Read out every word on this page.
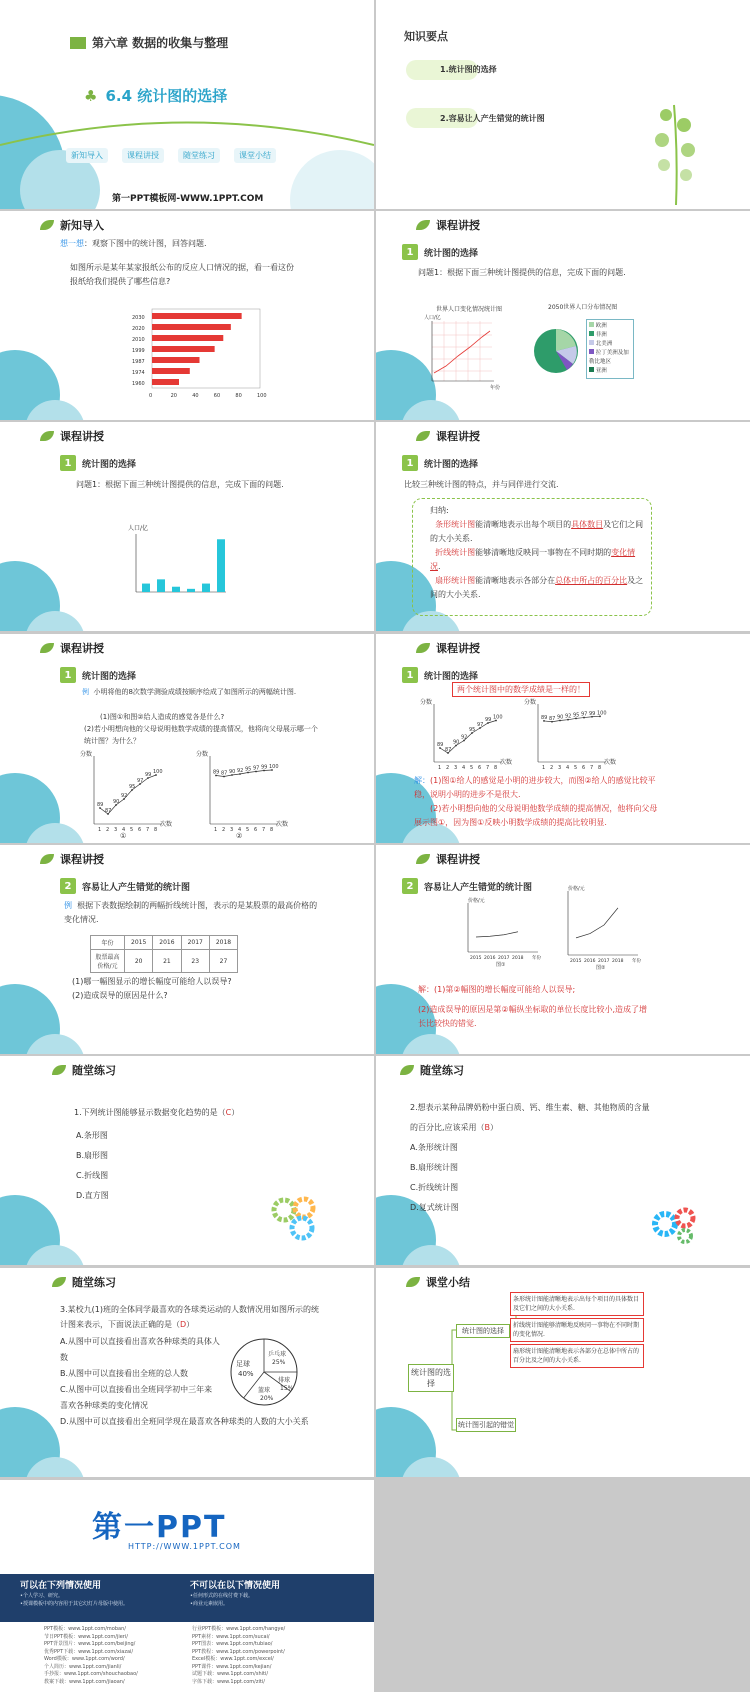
第六章 数据的收集与整理
♣ 6.4 统计图的选择
新知导入	课程讲授	随堂练习	课堂小结
第一PPT模板网-WWW.1PPT.COM
知识要点
1.统计图的选择
2.容易让人产生错觉的统计图
新知导入
想一想：观察下图中的统计图，回答问题.
如图所示是某年某家报纸公布的反应人口情况的据，看一看这份报纸给我们提供了哪些信息?
2030
2020
2010
1999
1987
1974
1960
0	20	40	60	80	100
课程讲授
1	统计图的选择
问题1：根据下面三种统计图提供的信息，完成下面的问题.
世界人口变化情况统计图
人口/亿
年份
2050世界人口分布情况图
欧洲
非洲
北美洲
拉丁美洲及加勒比地区
亚洲
课程讲授
1	统计图的选择
问题1：根据下面三种统计图提供的信息，完成下面的问题.
人口/亿
课程讲授
1	统计图的选择
比较三种统计图的特点，并与同伴进行交流.
归纳:
条形统计图能清晰地表示出每个项目的具体数目及它们之间的大小关系.
折线统计图能够清晰地反映同一事物在不同时期的变化情况.
扇形统计图能清晰地表示各部分在总体中所占的百分比及之间的大小关系.
课程讲授
1	统计图的选择
例 小明将他的8次数学测验成绩按顺序绘成了如图所示的两幅统计图.
(1)图①和图②给人造成的感觉各是什么?
(2)若小明想向他的父母说明他数学成绩的提高情况，他将向父母展示哪一个统计图？为什么？
分数
次数
89
87
90
92
95
97
99 100
1 2 3 4 5 6 7 8
①
分数
次数
89 87 90 92 95 97 99 100
1 2 3 4 5 6 7 8
②
课程讲授
1	统计图的选择
两个统计图中的数学成绩是一样的！
分数
次数
89
87
90
92
95
97
99 100
1 2 3 4 5 6 7 8
分数
次数
89 87 90 92 95 97 99 100
1 2 3 4 5 6 7 8
解：(1)图①给人的感觉是小明的进步较大，而图②给人的感觉比较平稳，说明小明的进步不是很大.
(2)若小明想向他的父母说明他数学成绩的提高情况，他将向父母展示图①，因为图①反映小明数学成绩的提高比较明显.
课程讲授
2	容易让人产生错觉的统计图
例 根据下表数据绘制的两幅折线统计图，表示的是某股票的最高价格的变化情况.
年份	2015	2016	2017	2018
股票最高价格/元	20	21	23	27
(1)哪一幅图显示的增长幅度可能给人以误导?
(2)造成误导的原因是什么?
课程讲授
2	容易让人产生错觉的统计图
价格/元
2015 2016 2017 2018 年份
图①
价格/元
2015 2016 2017 2018 年份
图②
解：(1)第②幅图的增长幅度可能给人以误导;
(2)造成误导的原因是第②幅纵坐标取的单位长度比较小,造成了增长比较快的错觉.
随堂练习
1.下列统计图能够显示数据变化趋势的是（C）
A.条形图
B.扇形图
C.折线图
D.直方图
随堂练习
2.想表示某种品牌奶粉中蛋白质、钙、维生素、糖、其他物质的含量的百分比,应该采用（B）
A.条形统计图
B.扇形统计图
C.折线统计图
D.复式统计图
随堂练习
3.某校九(1)班的全体同学最喜欢的各球类运动的人数情况用如图所示的统计图来表示，下面说法正确的是（D）
A.从图中可以直接看出喜欢各种球类的具体人数
B.从图中可以直接看出全班的总人数
C.从图中可以直接看出全班同学初中三年来喜欢各种球类的变化情况
D.从图中可以直接看出全班同学现在最喜欢各种球类的人数的大小关系
足球
40%
乒乓球
25%
排球
15%
篮球
20%
课堂小结
统计图的选择
统计图的选择
统计图引起的错觉
条形统计图能清晰地表示出每个项目的具体数目及它们之间的大小关系.
折线统计图能够清晰地反映同一事物在不同时期的变化情况.
扇形统计图能清晰地表示各部分在总体中所占的百分比及之间的大小关系.
第一PPT
HTTP://WWW.1PPT.COM
可以在下列情况使用
•个人学习、研究。
•授课模板中的内容用于其它幻灯片母版中使用。
不可以在以下情况使用
•任何形式的在线付费下载。
•商业元素嵌用。
PPT模板：www.1ppt.com/moban/
节日PPT模板：www.1ppt.com/jieri/
PPT背景图片：www.1ppt.com/beijing/
优秀PPT下载：www.1ppt.com/xiazai/
Word模板：www.1ppt.com/word/
个人简历：www.1ppt.com/jianli/
手抄报：www.1ppt.com/shouchaobao/
教案下载：www.1ppt.com/jiaoan/
行业PPT模板：www.1ppt.com/hangye/
PPT素材：www.1ppt.com/sucai/
PPT图表：www.1ppt.com/tubiao/
PPT教程：www.1ppt.com/powerpoint/
Excel模板：www.1ppt.com/excel/
PPT课件：www.1ppt.com/kejian/
试题下载：www.1ppt.com/shiti/
字体下载：www.1ppt.com/ziti/
